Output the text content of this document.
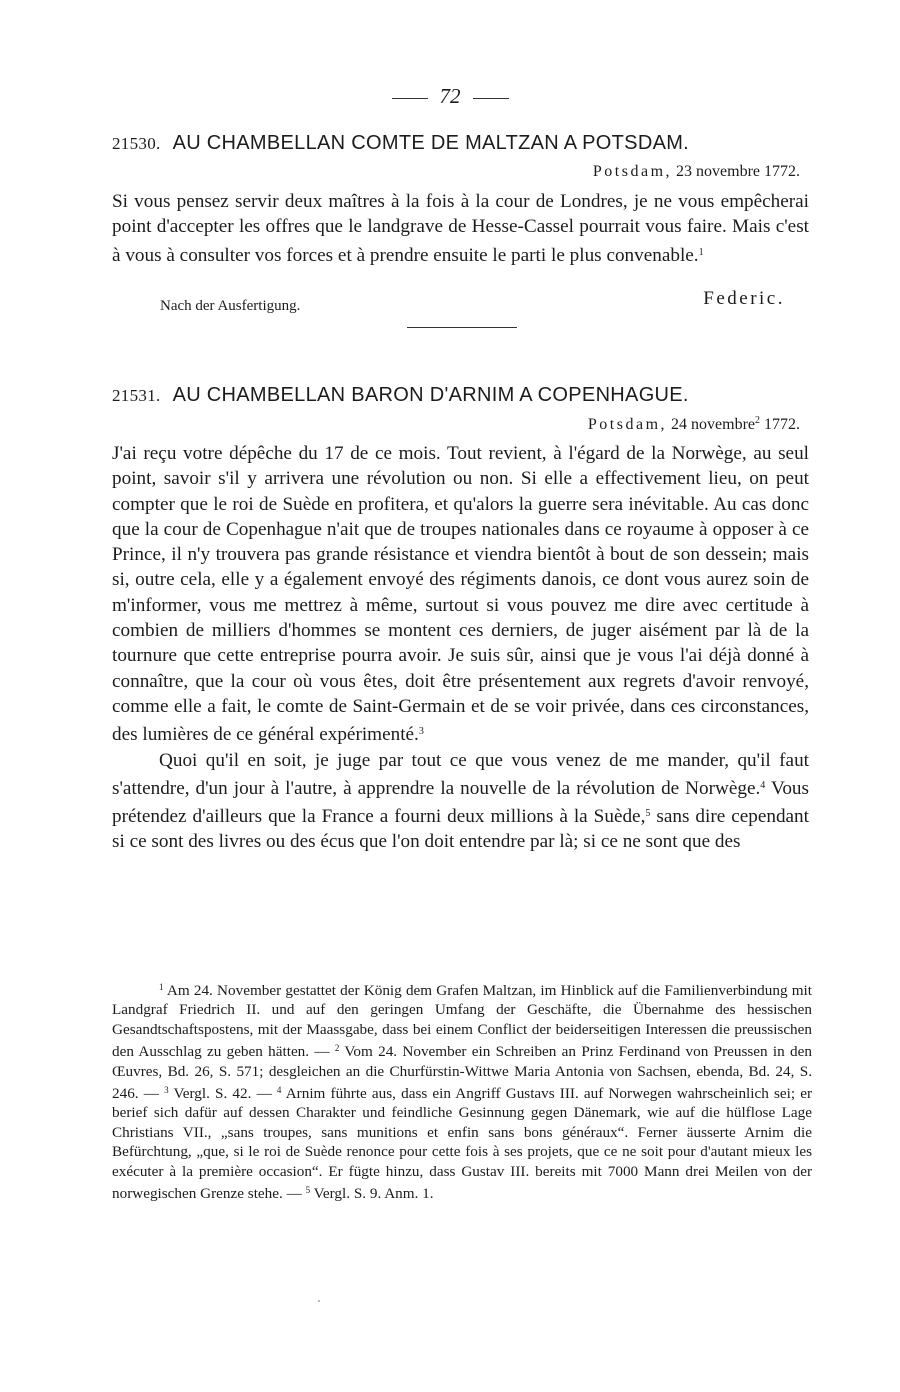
72
21530. AU CHAMBELLAN COMTE DE MALTZAN A POTSDAM.
Potsdam, 23 novembre 1772.

Si vous pensez servir deux maîtres à la fois à la cour de Londres, je ne vous empêcherai point d'accepter les offres que le landgrave de Hesse-Cassel pourrait vous faire. Mais c'est à vous à consulter vos forces et à prendre ensuite le parti le plus convenable.$^1$

Nach der Ausfertigung.	Federic.
21531. AU CHAMBELLAN BARON D'ARNIM A COPENHAGUE.
Potsdam, 24 novembre$^2$ 1772.

J'ai reçu votre dépêche du 17 de ce mois. Tout revient, à l'égard de la Norwège, au seul point, savoir s'il y arrivera une révolution ou non. Si elle a effectivement lieu, on peut compter que le roi de Suède en profitera, et qu'alors la guerre sera inévitable. Au cas donc que la cour de Copenhague n'ait que de troupes nationales dans ce royaume à opposer à ce Prince, il n'y trouvera pas grande résistance et viendra bientôt à bout de son dessein; mais si, outre cela, elle y a également envoyé des régiments danois, ce dont vous aurez soin de m'informer, vous me mettrez à même, surtout si vous pouvez me dire avec certitude à combien de milliers d'hommes se montent ces derniers, de juger aisément par là de la tournure que cette entreprise pourra avoir. Je suis sûr, ainsi que je vous l'ai déjà donné à connaître, que la cour où vous êtes, doit être présentement aux regrets d'avoir renvoyé, comme elle a fait, le comte de Saint-Germain et de se voir privée, dans ces circonstances, des lumières de ce général expérimenté.$^3$

Quoi qu'il en soit, je juge par tout ce que vous venez de me mander, qu'il faut s'attendre, d'un jour à l'autre, à apprendre la nouvelle de la révolution de Norwège.$^4$ Vous prétendez d'ailleurs que la France a fourni deux millions à la Suède,$^5$ sans dire cependant si ce sont des livres ou des écus que l'on doit entendre par là; si ce ne sont que des

$^1$ Am 24. November gestattet der König dem Grafen Maltzan, im Hinblick auf die Familienverbindung mit Landgraf Friedrich II. und auf den geringen Umfang der Geschäfte, die Übernahme des hessischen Gesandtschaftspostens, mit der Maassgabe, dass bei einem Conflict der beiderseitigen Interessen die preussischen den Ausschlag zu geben hätten. — $^2$ Vom 24. November ein Schreiben an Prinz Ferdinand von Preussen in den Œuvres, Bd. 26, S. 571; desgleichen an die Churfürstin-Wittwe Maria Antonia von Sachsen, ebenda, Bd. 24, S. 246. — $^3$ Vergl. S. 42. — $^4$ Arnim führte aus, dass ein Angriff Gustavs III. auf Norwegen wahrscheinlich sei; er berief sich dafür auf dessen Charakter und feindliche Gesinnung gegen Dänemark, wie auf die hülflose Lage Christians VII., „sans troupes, sans munitions et enfin sans bons généraux“. Ferner äusserte Arnim die Befürchtung, „que, si le roi de Suède renonce pour cette fois à ses projets, que ce ne soit pour d'autant mieux les exécuter à la première occasion“. Er fügte hinzu, dass Gustav III. bereits mit 7000 Mann drei Meilen von der norwegischen Grenze stehe. — $^5$ Vergl. S. 9. Anm. 1.
